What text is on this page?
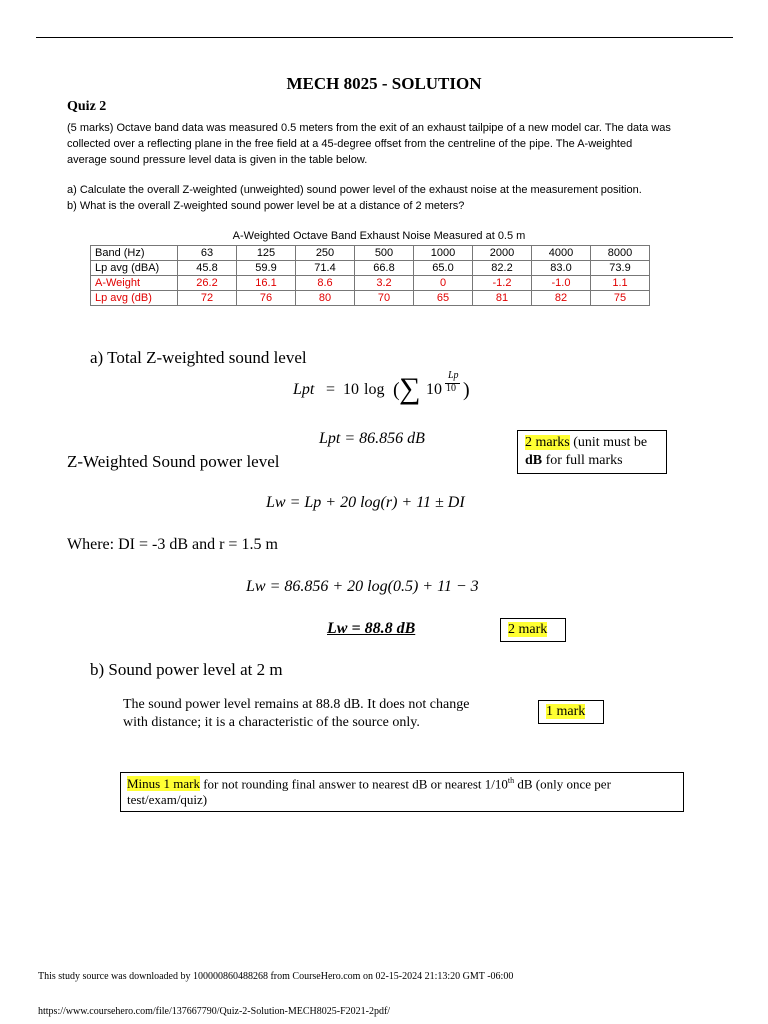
MECH 8025 - SOLUTION
Quiz 2
(5 marks) Octave band data was measured 0.5 meters from the exit of an exhaust tailpipe of a new model car. The data was
collected over a reflecting plane in the free field at a 45-degree offset from the centreline of the pipe. The A-weighted
average sound pressure level data is given in the table below.
a) Calculate the overall Z-weighted (unweighted) sound power level of the exhaust noise at the measurement position.
b) What is the overall Z-weighted sound power level be at a distance of 2 meters?
A-Weighted Octave Band Exhaust Noise Measured at 0.5 m
Band (Hz)	63	125	250	500	1000	2000	4000	8000
Lp avg (dBA)	45.8	59.9	71.4	66.8	65.0	82.2	83.0	73.9
A-Weight	26.2	16.1	8.6	3.2	0	-1.2	-1.0	1.1
Lp avg (dB)	72	76	80	70	65	81	82	75
a) Total Z-weighted sound level
Lpt = 10 log ( ∑ 10
Lp
10 )
Lpt = 86.856 dB	2 marks (unit must be
dB for full marks
Z-Weighted Sound power level
Lw = Lp + 20 log(r) + 11 ± DI
Where: DI = -3 dB and r = 1.5 m
Lw = 86.856 + 20 log(0.5) + 11 − 3
Lw = 88.8 dB	2 mark
b) Sound power level at 2 m
The sound power level remains at 88.8 dB. It does not change
with distance; it is a characteristic of the source only.
1 mark
Minus 1 mark for not rounding final answer to nearest dB or nearest 1/10th dB (only once per test/exam/quiz)
This study source was downloaded by 100000860488268 from CourseHero.com on 02-15-2024 21:13:20 GMT -06:00
https://www.coursehero.com/file/137667790/Quiz-2-Solution-MECH8025-F2021-2pdf/
